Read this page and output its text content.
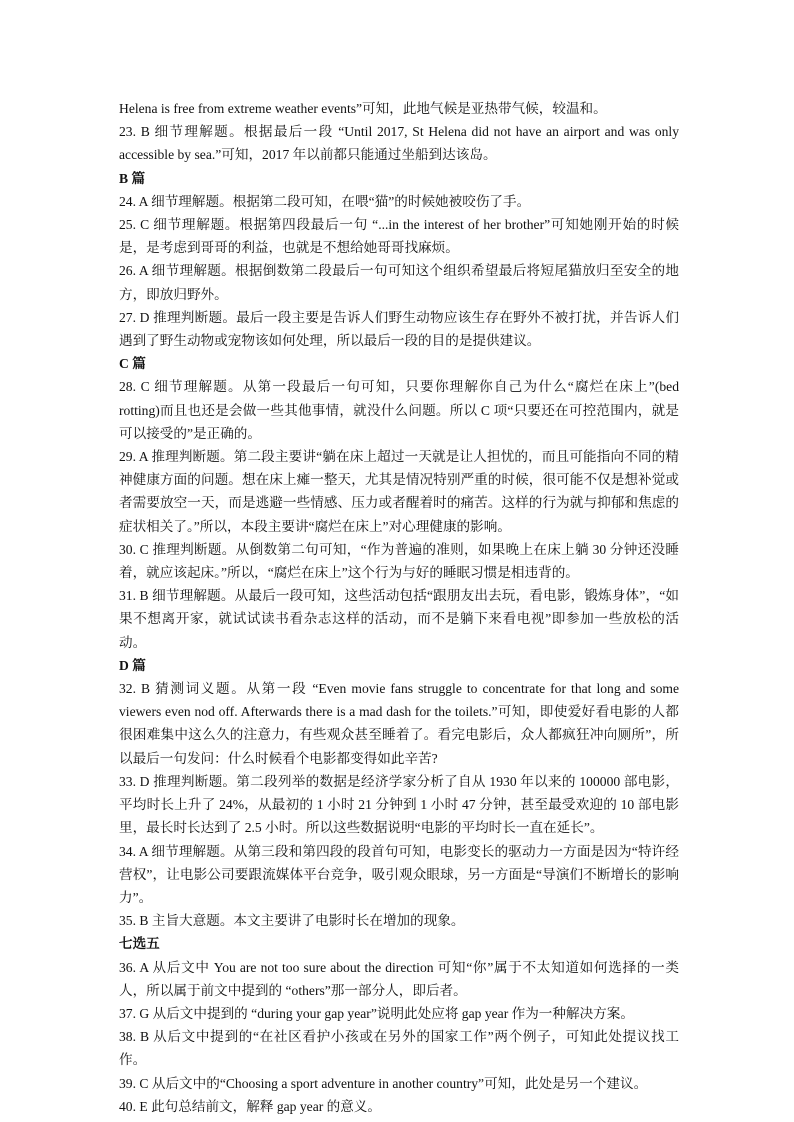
Helena is free from extreme weather events”可知，此地气候是亚热带气候，较温和。

23. B 细节理解题。根据最后一段 “Until 2017, St Helena did not have an airport and was only accessible by sea.”可知，2017 年以前都只能通过坐船到达该岛。

B 篇

24. A 细节理解题。根据第二段可知，在喂“猫”的时候她被咬伤了手。

25. C 细节理解题。根据第四段最后一句 “...in the interest of her brother”可知她刚开始的时候是，是考虑到哥哥的利益，也就是不想给她哥哥找麻烦。

26. A 细节理解题。根据倒数第二段最后一句可知这个组织希望最后将短尾猫放归至安全的地方，即放归野外。

27. D 推理判断题。最后一段主要是告诉人们野生动物应该生存在野外不被打扰，并告诉人们遇到了野生动物或宠物该如何处理，所以最后一段的目的是提供建议。

C 篇

28. C 细节理解题。从第一段最后一句可知，只要你理解你自己为什么“腐烂在床上”(bed rotting)而且也还是会做一些其他事情，就没什么问题。所以 C 项“只要还在可控范围内，就是可以接受的”是正确的。

29. A 推理判断题。第二段主要讲“躺在床上超过一天就是让人担忧的，而且可能指向不同的精神健康方面的问题。想在床上瘫一整天，尤其是情况特别严重的时候，很可能不仅是想补觉或者需要放空一天，而是逃避一些情感、压力或者醒着时的痛苦。这样的行为就与抑郁和焦虑的症状相关了。”所以，本段主要讲“腐烂在床上”对心理健康的影响。

30. C 推理判断题。从倒数第二句可知，“作为普遍的准则，如果晚上在床上躺 30 分钟还没睡着，就应该起床。”所以，“腐烂在床上”这个行为与好的睡眠习惯是相违背的。

31. B 细节理解题。从最后一段可知，这些活动包括“跟朋友出去玩，看电影，锻炼身体”，“如果不想离开家，就试试读书看杂志这样的活动，而不是躺下来看电视”即参加一些放松的活动。

D 篇

32. B 猜测词义题。从第一段 “Even movie fans struggle to concentrate for that long and some viewers even nod off. Afterwards there is a mad dash for the toilets.”可知，即使爱好看电影的人都很困难集中这么久的注意力，有些观众甚至睡着了。看完电影后，众人都疯狂冲向厕所”，所以最后一句发问：什么时候看个电影都变得如此辛苦?

33. D 推理判断题。第二段列举的数据是经济学家分析了自从 1930 年以来的 100000 部电影，平均时长上升了 24%，从最初的 1 小时 21 分钟到 1 小时 47 分钟，甚至最受欢迎的 10 部电影里，最长时长达到了 2.5 小时。所以这些数据说明“电影的平均时长一直在延长”。

34. A 细节理解题。从第三段和第四段的段首句可知，电影变长的驱动力一方面是因为“特许经营权”，让电影公司要跟流媒体平台竞争，吸引观众眼球，另一方面是“导演们不断增长的影响力”。

35. B 主旨大意题。本文主要讲了电影时长在增加的现象。

七选五

36. A 从后文中 You are not too sure about the direction 可知“你”属于不太知道如何选择的一类人，所以属于前文中提到的 “others”那一部分人，即后者。

37. G 从后文中提到的 “during your gap year”说明此处应将 gap year 作为一种解决方案。

38. B 从后文中提到的“在社区看护小孩或在另外的国家工作”两个例子，可知此处提议找工作。

39. C 从后文中的“Choosing a sport adventure in another country”可知，此处是另一个建议。

40. E 此句总结前文，解释 gap year 的意义。
